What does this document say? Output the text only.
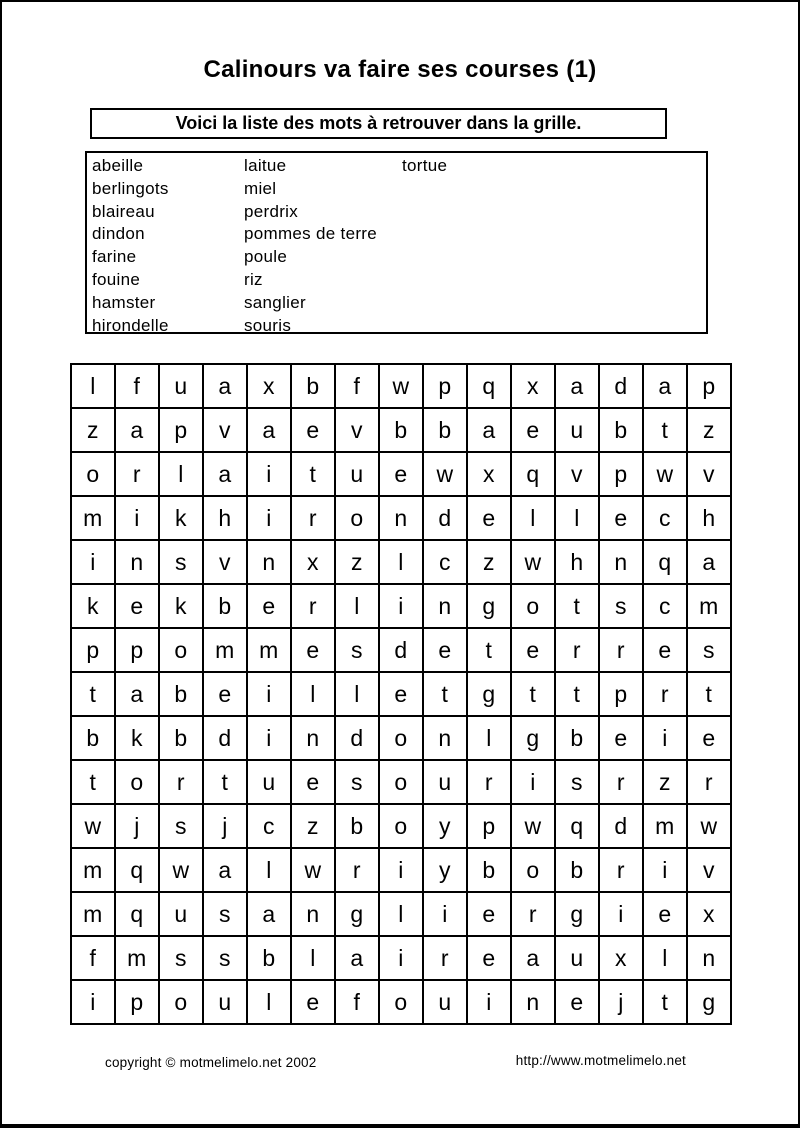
Calinours va faire ses courses (1)
Voici la liste des mots à retrouver dans la grille.
abeille
berlingots
blaireau
dindon
farine
fouine
hamster
hirondelle
laitue
miel
perdrix
pommes de terre
poule
riz
sanglier
souris
tortue
l	f	u	a	x	b	f	w	p	q	x	a	d	a	p
z	a	p	v	a	e	v	b	b	a	e	u	b	t	z
o	r	l	a	i	t	u	e	w	x	q	v	p	w	v
m	i	k	h	i	r	o	n	d	e	l	l	e	c	h
i	n	s	v	n	x	z	l	c	z	w	h	n	q	a
k	e	k	b	e	r	l	i	n	g	o	t	s	c	m
p	p	o	m	m	e	s	d	e	t	e	r	r	e	s
t	a	b	e	i	l	l	e	t	g	t	t	p	r	t
b	k	b	d	i	n	d	o	n	l	g	b	e	i	e
t	o	r	t	u	e	s	o	u	r	i	s	r	z	r
w	j	s	j	c	z	b	o	y	p	w	q	d	m	w
m	q	w	a	l	w	r	i	y	b	o	b	r	i	v
m	q	u	s	a	n	g	l	i	e	r	g	i	e	x
f	m	s	s	b	l	a	i	r	e	a	u	x	l	n
i	p	o	u	l	e	f	o	u	i	n	e	j	t	g
copyright © motmelimelo.net 2002	http://www.motmelimelo.net
